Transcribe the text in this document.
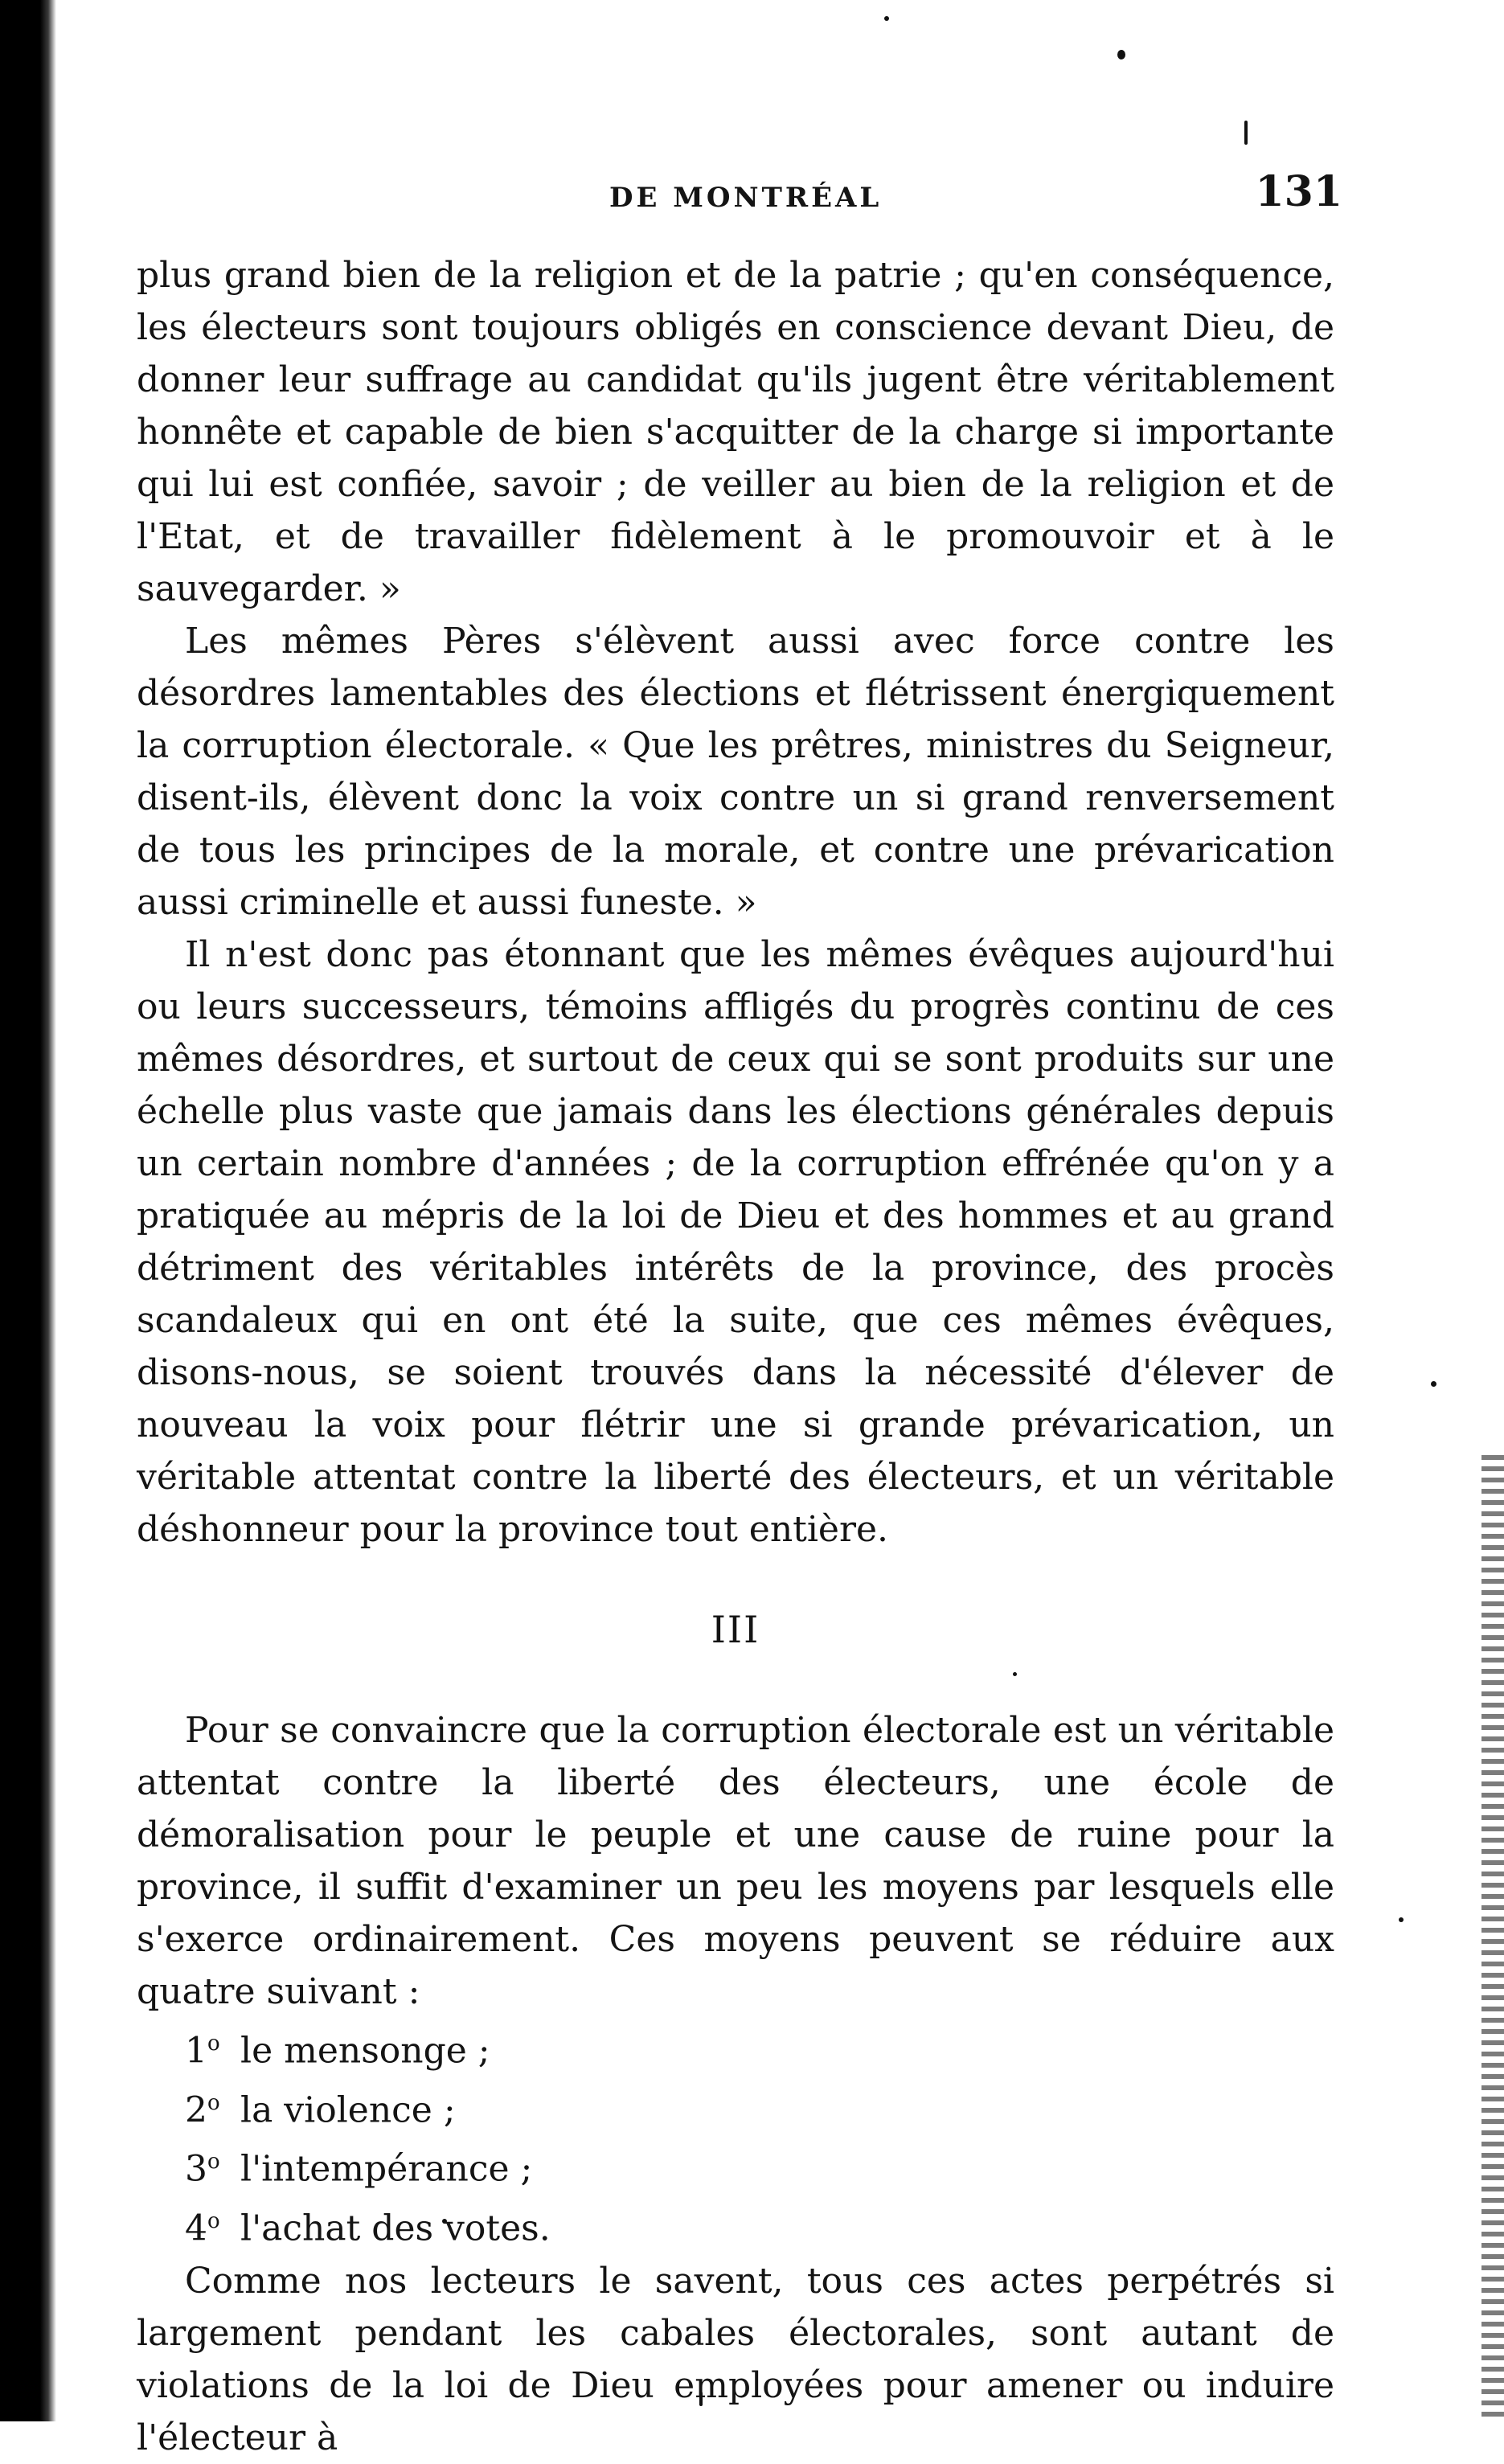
DE MONTRÉAL	131

plus grand bien de la religion et de la patrie ; qu'en conséquence, les électeurs sont toujours obligés en conscience devant Dieu, de donner leur suffrage au candidat qu'ils jugent être véritablement honnête et capable de bien s'acquitter de la charge si importante qui lui est confiée, savoir ; de veiller au bien de la religion et de l'Etat, et de travailler fidèlement à le promouvoir et à le sauvegarder. »

Les mêmes Pères s'élèvent aussi avec force contre les désordres lamentables des élections et flétrissent énergiquement la corruption électorale. « Que les prêtres, ministres du Seigneur, disent-ils, élèvent donc la voix contre un si grand renversement de tous les principes de la morale, et contre une prévarication aussi criminelle et aussi funeste. »

Il n'est donc pas étonnant que les mêmes évêques aujourd'hui ou leurs successeurs, témoins affligés du progrès continu de ces mêmes désordres, et surtout de ceux qui se sont produits sur une échelle plus vaste que jamais dans les élections générales depuis un certain nombre d'années ; de la corruption effrénée qu'on y a pratiquée au mépris de la loi de Dieu et des hommes et au grand détriment des véritables intérêts de la province, des procès scandaleux qui en ont été la suite, que ces mêmes évêques, disons-nous, se soient trouvés dans la nécessité d'élever de nouveau la voix pour flétrir une si grande prévarication, un véritable attentat contre la liberté des électeurs, et un véritable déshonneur pour la province tout entière.

III

Pour se convaincre que la corruption électorale est un véritable attentat contre la liberté des électeurs, une école de démoralisation pour le peuple et une cause de ruine pour la province, il suffit d'examiner un peu les moyens par lesquels elle s'exerce ordinairement. Ces moyens peuvent se réduire aux quatre suivant :

1$^o$ le mensonge ;
2$^o$ la violence ;
3$^o$ l'intempérance ;
4$^o$ l'achat des votes.

Comme nos lecteurs le savent, tous ces actes perpétrés si largement pendant les cabales électorales, sont autant de violations de la loi de Dieu employées pour amener ou induire l'électeur à
